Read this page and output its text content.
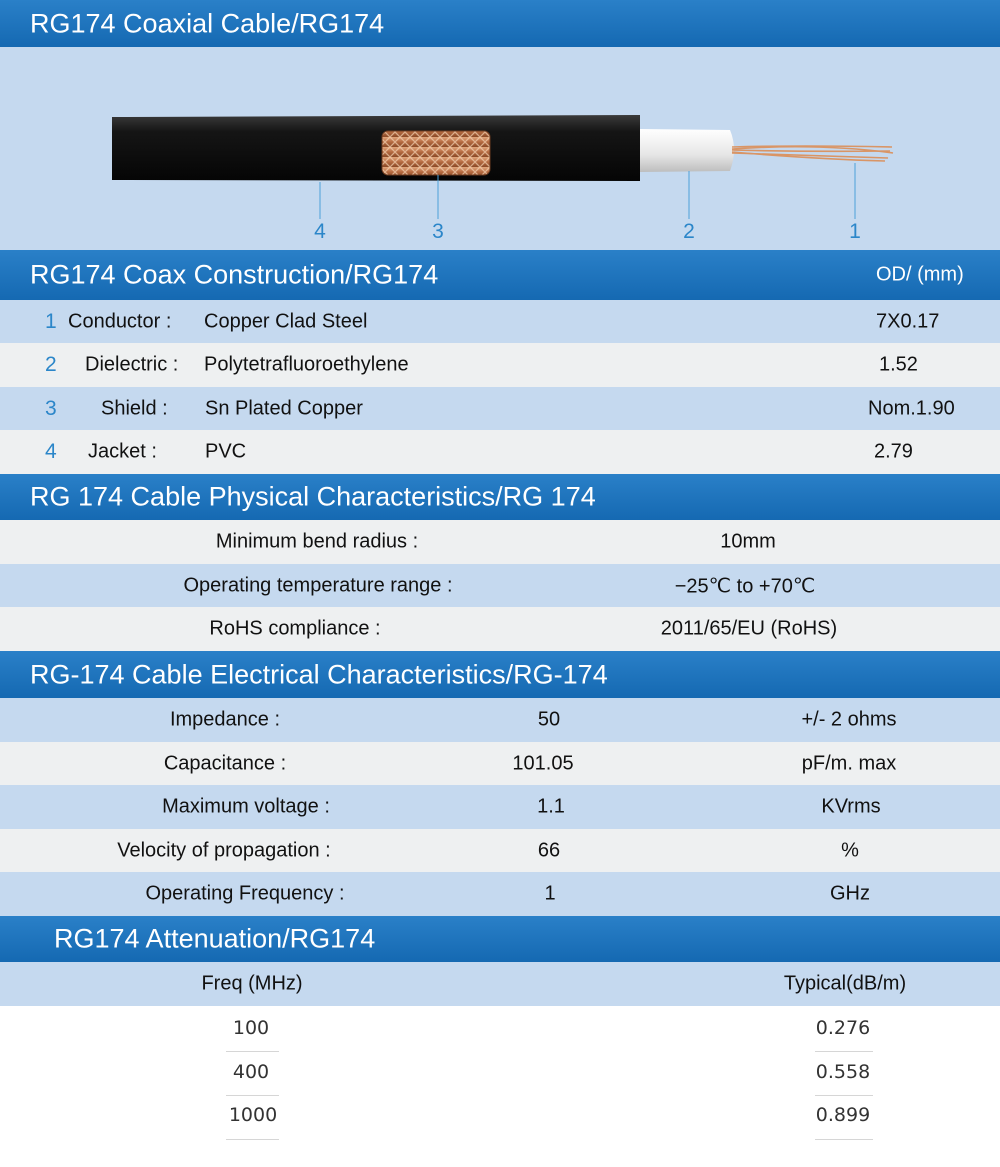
RG174 Coaxial Cable/RG174
4	3	2	1
RG174 Coax Construction/RG174	OD/ (mm)
1 Conductor : Copper Clad Steel	7X0.17
2 Dielectric : Polytetrafluoroethylene	1.52
3 Shield : Sn Plated Copper	Nom.1.90
4 Jacket : PVC	2.79
RG 174 Cable Physical Characteristics/RG 174
Minimum bend radius :	10mm
Operating temperature range :	−25℃ to +70℃
RoHS compliance :	2011/65/EU (RoHS)
RG-174 Cable Electrical Characteristics/RG-174
Impedance :	50	+/- 2 ohms
Capacitance :	101.05	pF/m. max
Maximum voltage :	1.1	KVrms
Velocity of propagation :	66	%
Operating Frequency :	1	GHz
RG174 Attenuation/RG174
Freq (MHz)	Typical(dB/m)
100	0.276
400	0.558
1000	0.899
